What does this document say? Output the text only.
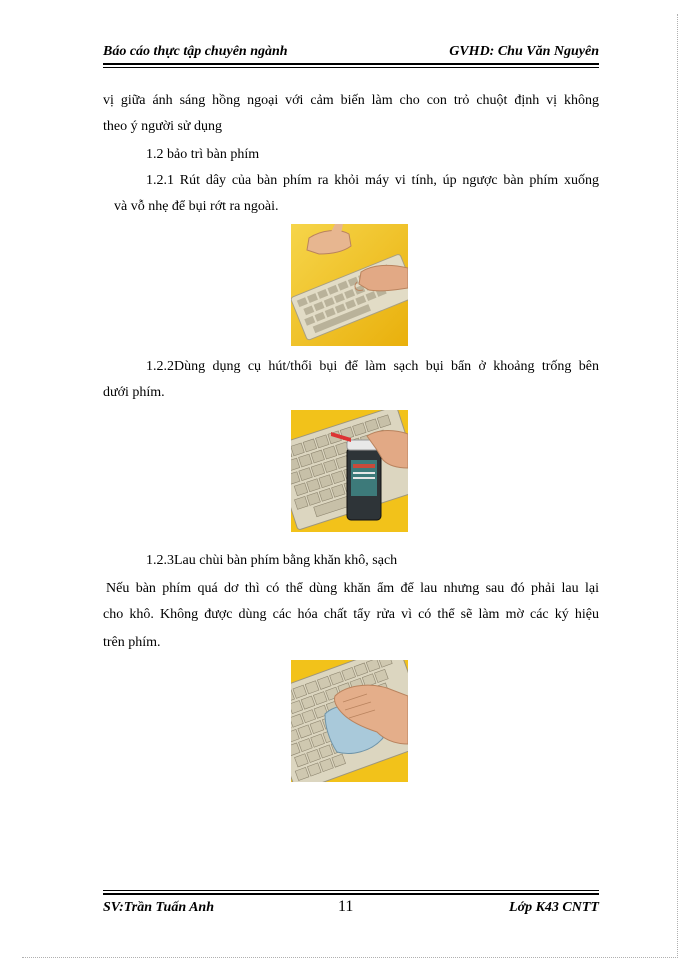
Báo cáo thực tập chuyên ngành	GVHD: Chu Văn Nguyên
vị giữa ánh sáng hồng ngoại với cảm biến làm cho con trỏ chuột định vị không
theo ý người sử dụng
1.2 bảo trì bàn phím
1.2.1 Rút dây của bàn phím ra khỏi máy vi tính, úp ngược bàn phím xuống
và vỗ nhẹ để bụi rớt ra ngoài.
1.2.2Dùng dụng cụ hút/thổi bụi để làm sạch bụi bẩn ở khoảng trống bên
dưới phím.
1.2.3Lau chùi bàn phím bằng khăn khô, sạch
Nếu bàn phím quá dơ thì có thể dùng khăn ẩm để lau nhưng sau đó phải lau lại
cho khô. Không được dùng các hóa chất tẩy rửa vì có thể sẽ làm mờ các ký hiệu
trên phím.
SV:Trần Tuấn Anh	11	Lớp K43 CNTT
